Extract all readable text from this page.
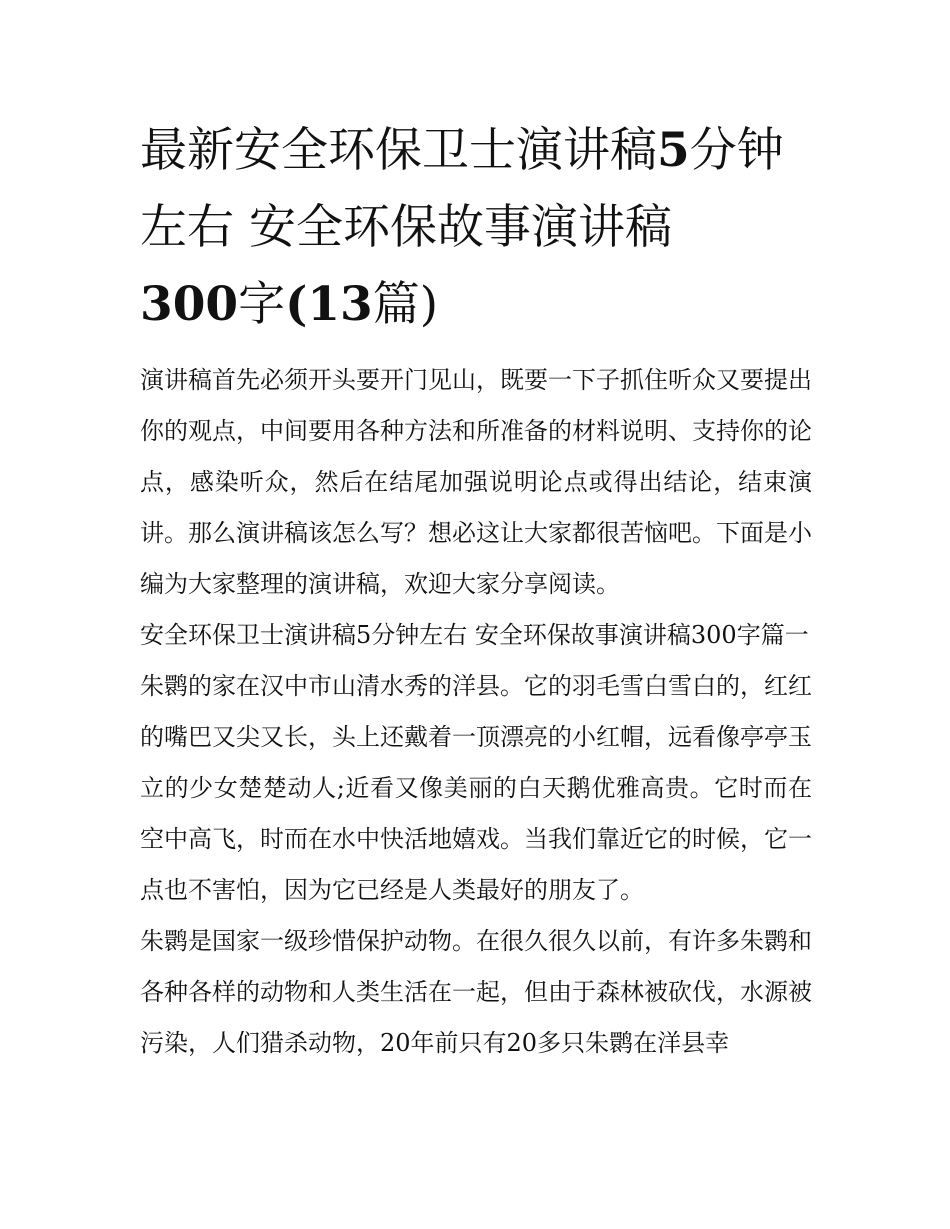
最新安全环保卫士演讲稿5分钟左右 安全环保故事演讲稿
300字(13篇)

演讲稿首先必须开头要开门见山，既要一下子抓住听众又要提出你的观点，中间要用各种方法和所准备的材料说明、支持你的论点，感染听众，然后在结尾加强说明论点或得出结论，结束演讲。那么演讲稿该怎么写？想必这让大家都很苦恼吧。下面是小编为大家整理的演讲稿，欢迎大家分享阅读。

安全环保卫士演讲稿5分钟左右 安全环保故事演讲稿300字篇一

朱鹮的家在汉中市山清水秀的洋县。它的羽毛雪白雪白的，红红的嘴巴又尖又长，头上还戴着一顶漂亮的小红帽，远看像亭亭玉立的少女楚楚动人;近看又像美丽的白天鹅优雅高贵。它时而在空中高飞，时而在水中快活地嬉戏。当我们靠近它的时候，它一点也不害怕，因为它已经是人类最好的朋友了。

朱鹮是国家一级珍惜保护动物。在很久很久以前，有许多朱鹮和各种各样的动物和人类生活在一起，但由于森林被砍伐，水源被污染，人们猎杀动物，20年前只有20多只朱鹮在洋县幸
